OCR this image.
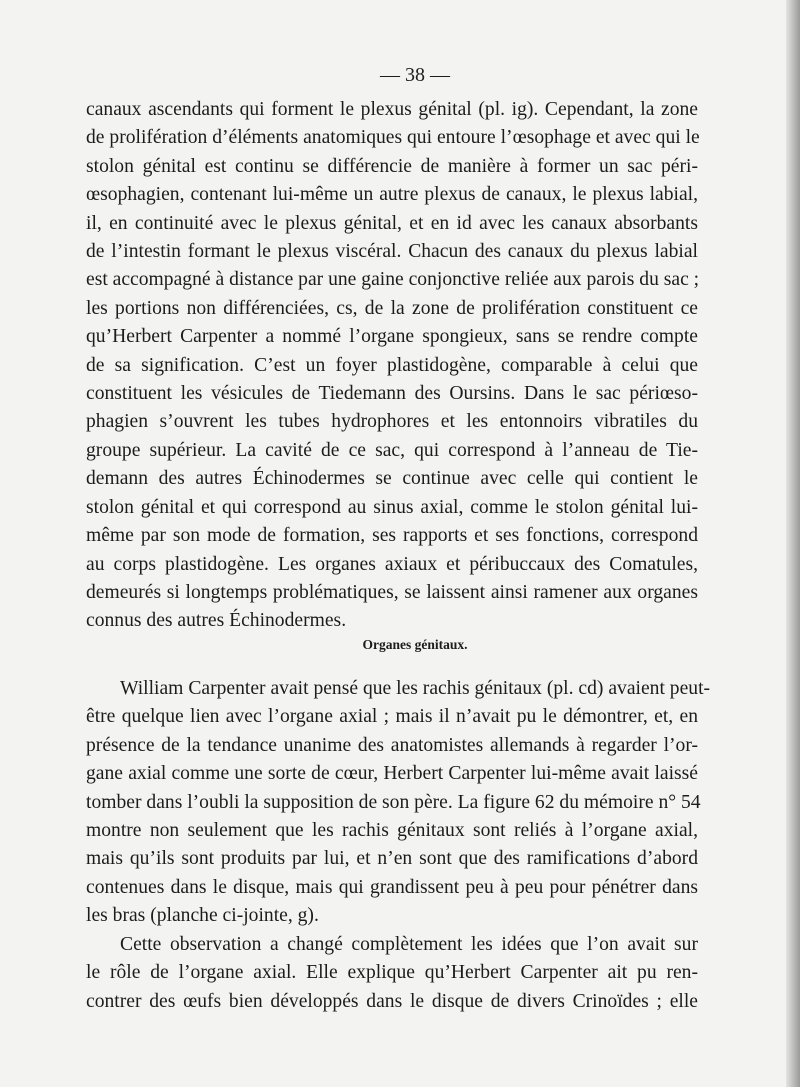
— 38 —
canaux ascendants qui forment le plexus génital (pl. ig). Cependant, la zone
de prolifération d’éléments anatomiques qui entoure l’œsophage et avec qui le
stolon génital est continu se différencie de manière à former un sac péri-
œsophagien, contenant lui-même un autre plexus de canaux, le plexus labial,
il, en continuité avec le plexus génital, et en id avec les canaux absorbants
de l’intestin formant le plexus viscéral. Chacun des canaux du plexus labial
est accompagné à distance par une gaine conjonctive reliée aux parois du sac ;
les portions non différenciées, cs, de la zone de prolifération constituent ce
qu’Herbert Carpenter a nommé l’organe spongieux, sans se rendre compte
de sa signification. C’est un foyer plastidogène, comparable à celui que
constituent les vésicules de Tiedemann des Oursins. Dans le sac périœso-
phagien s’ouvrent les tubes hydrophores et les entonnoirs vibratiles du
groupe supérieur. La cavité de ce sac, qui correspond à l’anneau de Tie-
demann des autres Échinodermes se continue avec celle qui contient le
stolon génital et qui correspond au sinus axial, comme le stolon génital lui-
même par son mode de formation, ses rapports et ses fonctions, correspond
au corps plastidogène. Les organes axiaux et péribuccaux des Comatules,
demeurés si longtemps problématiques, se laissent ainsi ramener aux organes
connus des autres Échinodermes.
Organes génitaux.
William Carpenter avait pensé que les rachis génitaux (pl. cd) avaient peut-
être quelque lien avec l’organe axial ; mais il n’avait pu le démontrer, et, en
présence de la tendance unanime des anatomistes allemands à regarder l’or-
gane axial comme une sorte de cœur, Herbert Carpenter lui-même avait laissé
tomber dans l’oubli la supposition de son père. La figure 62 du mémoire n° 54
montre non seulement que les rachis génitaux sont reliés à l’organe axial,
mais qu’ils sont produits par lui, et n’en sont que des ramifications d’abord
contenues dans le disque, mais qui grandissent peu à peu pour pénétrer dans
les bras (planche ci-jointe, g).
Cette observation a changé complètement les idées que l’on avait sur
le rôle de l’organe axial. Elle explique qu’Herbert Carpenter ait pu ren-
contrer des œufs bien développés dans le disque de divers Crinoïdes ; elle
